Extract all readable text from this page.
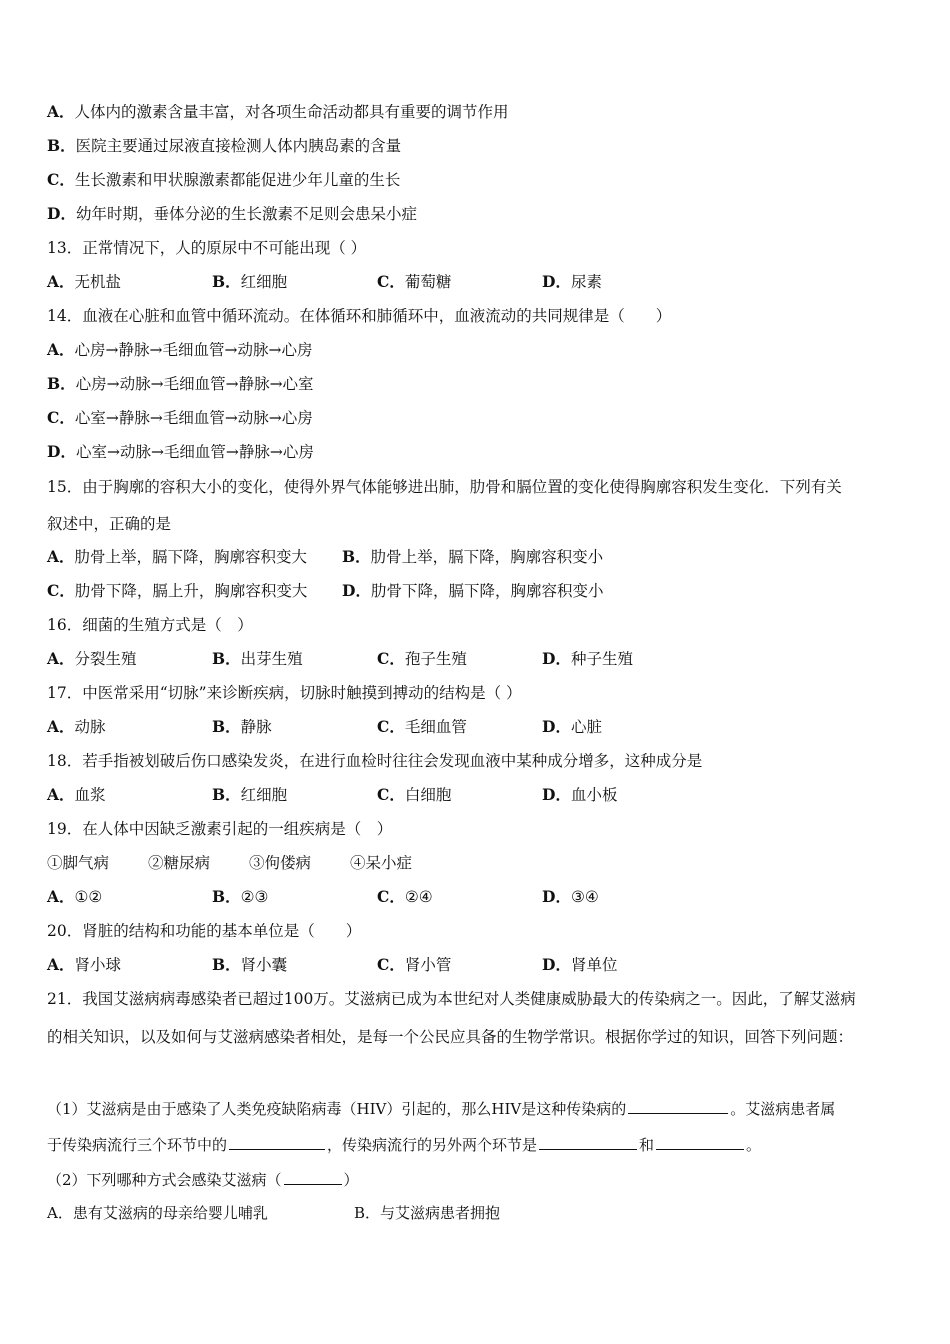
A．人体内的激素含量丰富，对各项生命活动都具有重要的调节作用
B．医院主要通过尿液直接检测人体内胰岛素的含量
C．生长激素和甲状腺激素都能促进少年儿童的生长
D．幼年时期，垂体分泌的生长激素不足则会患呆小症
13．正常情况下，人的原尿中不可能出现（ ）
A．无机盐	B．红细胞	C．葡萄糖	D．尿素
14．血液在心脏和血管中循环流动。在体循环和肺循环中，血液流动的共同规律是（　　）
A．心房→静脉→毛细血管→动脉→心房
B．心房→动脉→毛细血管→静脉→心室
C．心室→静脉→毛细血管→动脉→心房
D．心室→动脉→毛细血管→静脉→心房
15．由于胸廓的容积大小的变化，使得外界气体能够进出肺，肋骨和膈位置的变化使得胸廓容积发生变化．下列有关
叙述中，正确的是
A．肋骨上举，膈下降，胸廓容积变大 B．肋骨上举，膈下降，胸廓容积变小
C．肋骨下降，膈上升，胸廓容积变大 D．肋骨下降，膈下降，胸廓容积变小
16．细菌的生殖方式是（　）
A．分裂生殖	B．出芽生殖	C．孢子生殖	D．种子生殖
17．中医常采用“切脉”来诊断疾病，切脉时触摸到搏动的结构是（ ）
A．动脉	B．静脉	C．毛细血管	D．心脏
18．若手指被划破后伤口感染发炎，在进行血检时往往会发现血液中某种成分增多，这种成分是
A．血浆	B．红细胞	C．白细胞	D．血小板
19．在人体中因缺乏激素引起的一组疾病是（　）
①脚气病	②糖尿病	③佝偻病	④呆小症
A．①②	B．②③	C．②④	D．③④
20．肾脏的结构和功能的基本单位是（　　）
A．肾小球	B．肾小囊	C．肾小管	D．肾单位
21．我国艾滋病病毒感染者已超过100万。艾滋病已成为本世纪对人类健康威胁最大的传染病之一。因此，了解艾滋病
的相关知识，以及如何与艾滋病感染者相处，是每一个公民应具备的生物学常识。根据你学过的知识，回答下列问题：
（1）艾滋病是由于感染了人类免疫缺陷病毒（HIV）引起的，那么HIV是这种传染病的	。艾滋病患者属
于传染病流行三个环节中的	，传染病流行的另外两个环节是	和	。
（2）下列哪种方式会感染艾滋病（	）
A．患有艾滋病的母亲给婴儿哺乳	B．与艾滋病患者拥抱
